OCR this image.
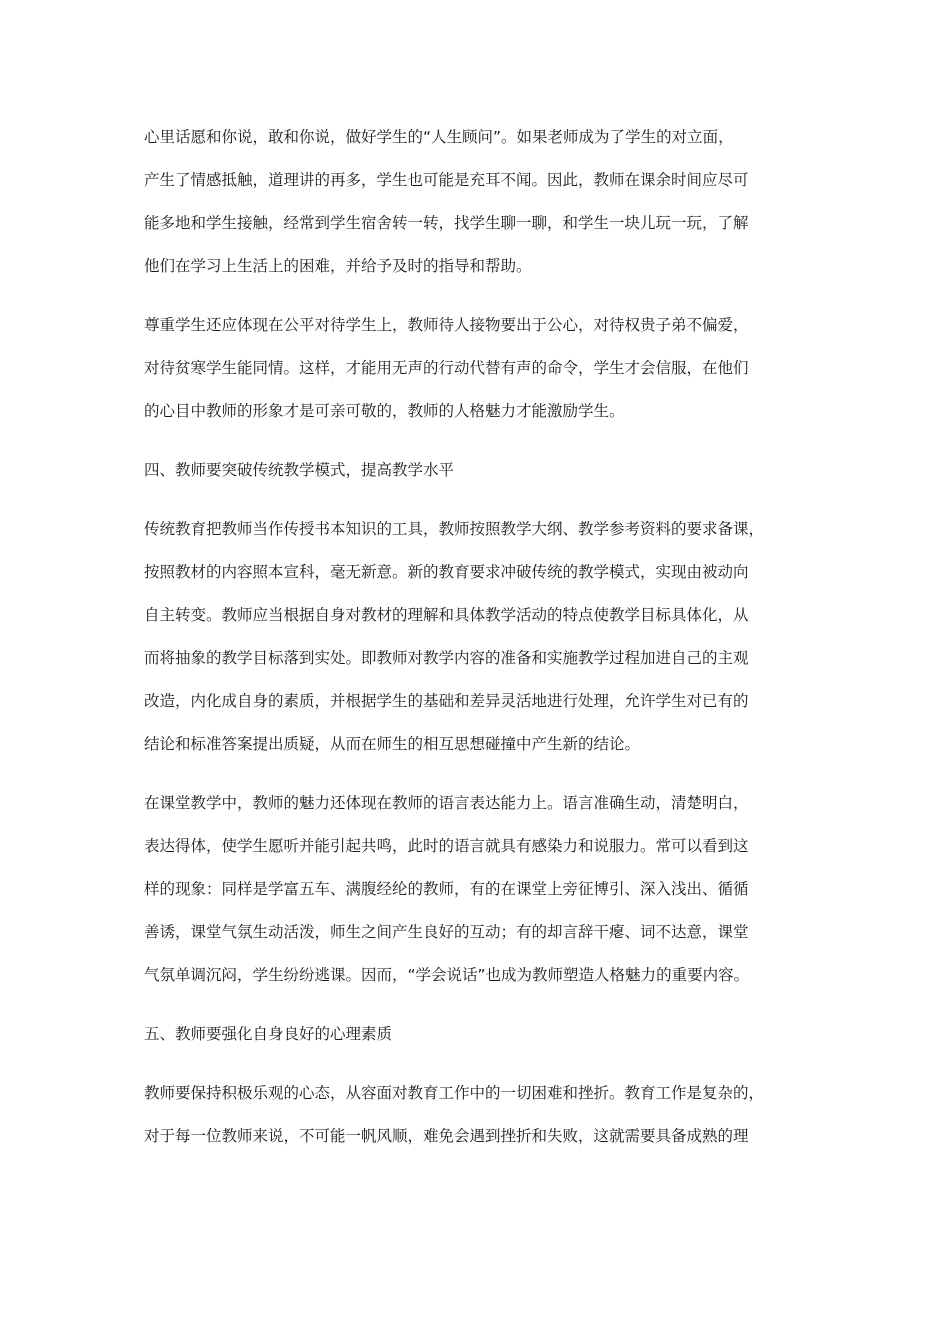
心里话愿和你说，敢和你说，做好学生的“人生顾问”。如果老师成为了学生的对立面，
产生了情感抵触，道理讲的再多，学生也可能是充耳不闻。因此，教师在课余时间应尽可
能多地和学生接触，经常到学生宿舍转一转，找学生聊一聊，和学生一块儿玩一玩，了解
他们在学习上生活上的困难，并给予及时的指导和帮助。
尊重学生还应体现在公平对待学生上，教师待人接物要出于公心，对待权贵子弟不偏爱，
对待贫寒学生能同情。这样，才能用无声的行动代替有声的命令，学生才会信服，在他们
的心目中教师的形象才是可亲可敬的，教师的人格魅力才能激励学生。
四、教师要突破传统教学模式，提高教学水平
传统教育把教师当作传授书本知识的工具，教师按照教学大纲、教学参考资料的要求备课，
按照教材的内容照本宣科，毫无新意。新的教育要求冲破传统的教学模式，实现由被动向
自主转变。教师应当根据自身对教材的理解和具体教学活动的特点使教学目标具体化，从
而将抽象的教学目标落到实处。即教师对教学内容的准备和实施教学过程加进自己的主观
改造，内化成自身的素质，并根据学生的基础和差异灵活地进行处理，允许学生对已有的
结论和标准答案提出质疑，从而在师生的相互思想碰撞中产生新的结论。
在课堂教学中，教师的魅力还体现在教师的语言表达能力上。语言准确生动，清楚明白，
表达得体，使学生愿听并能引起共鸣，此时的语言就具有感染力和说服力。常可以看到这
样的现象：同样是学富五车、满腹经纶的教师，有的在课堂上旁征博引、深入浅出、循循
善诱，课堂气氛生动活泼，师生之间产生良好的互动；有的却言辞干瘪、词不达意，课堂
气氛单调沉闷，学生纷纷逃课。因而，“学会说话”也成为教师塑造人格魅力的重要内容。
五、教师要强化自身良好的心理素质
教师要保持积极乐观的心态，从容面对教育工作中的一切困难和挫折。教育工作是复杂的，
对于每一位教师来说，不可能一帆风顺，难免会遇到挫折和失败，这就需要具备成熟的理
